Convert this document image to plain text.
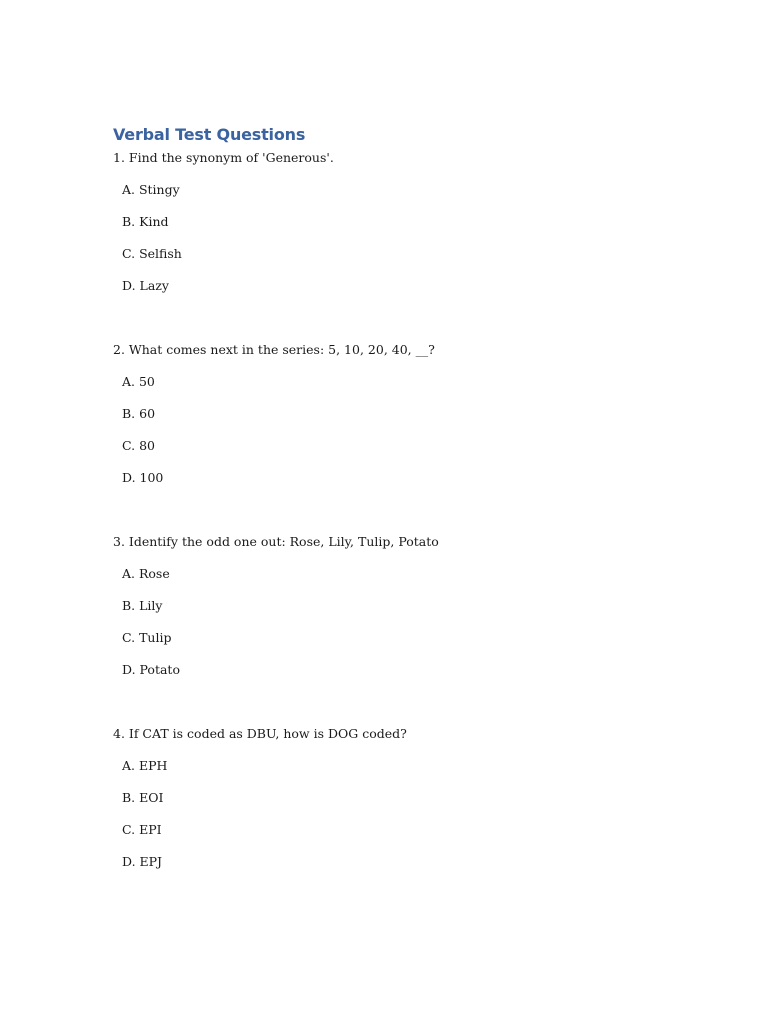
Verbal Test Questions

1. Find the synonym of 'Generous'.

A. Stingy
B. Kind
C. Selfish
D. Lazy

2. What comes next in the series: 5, 10, 20, 40, __?

A. 50
B. 60
C. 80
D. 100

3. Identify the odd one out: Rose, Lily, Tulip, Potato

A. Rose
B. Lily
C. Tulip
D. Potato

4. If CAT is coded as DBU, how is DOG coded?

A. EPH
B. EOI
C. EPI
D. EPJ
